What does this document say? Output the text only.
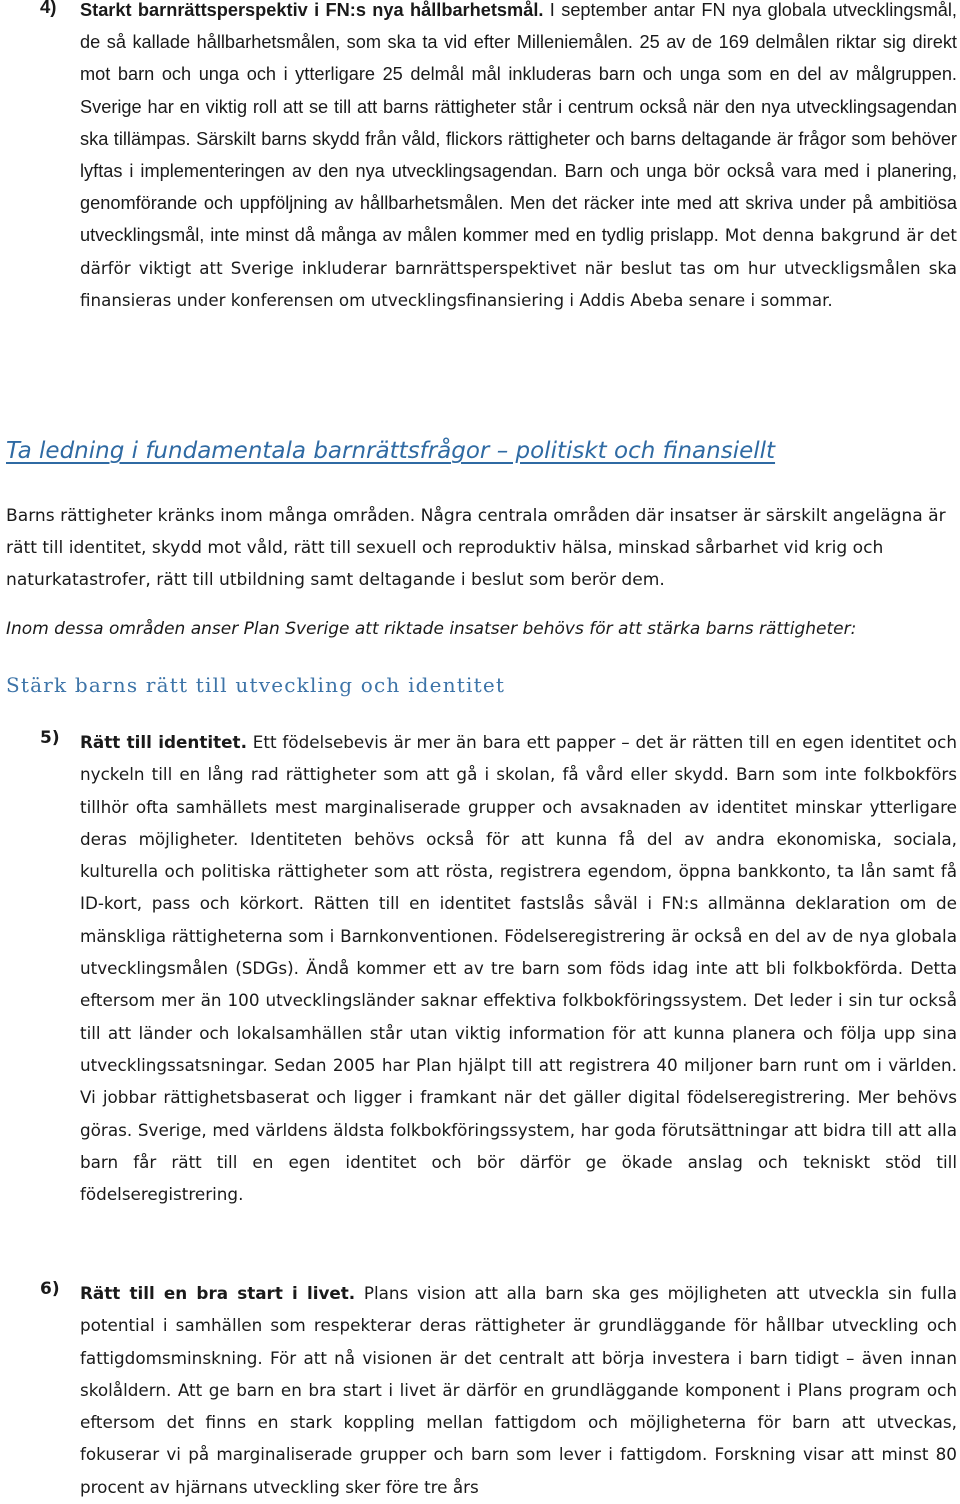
4) Starkt barnrättsperspektiv i FN:s nya hållbarhetsmål. I september antar FN nya globala utvecklingsmål, de så kallade hållbarhetsmålen, som ska ta vid efter Milleniemålen. 25 av de 169 delmålen riktar sig direkt mot barn och unga och i ytterligare 25 delmål mål inkluderas barn och unga som en del av målgruppen. Sverige har en viktig roll att se till att barns rättigheter står i centrum också när den nya utvecklingsagendan ska tillämpas. Särskilt barns skydd från våld, flickors rättigheter och barns deltagande är frågor som behöver lyftas i implementeringen av den nya utvecklingsagendan. Barn och unga bör också vara med i planering, genomförande och uppföljning av hållbarhetsmålen. Men det räcker inte med att skriva under på ambitiösa utvecklingsmål, inte minst då många av målen kommer med en tydlig prislapp. Mot denna bakgrund är det därför viktigt att Sverige inkluderar barnrättsperspektivet när beslut tas om hur utveckligsmålen ska finansieras under konferensen om utvecklingsfinansiering i Addis Abeba senare i sommar.

Ta ledning i fundamentala barnrättsfrågor – politiskt och finansiellt

Barns rättigheter kränks inom många områden. Några centrala områden där insatser är särskilt angelägna är rätt till identitet, skydd mot våld, rätt till sexuell och reproduktiv hälsa, minskad sårbarhet vid krig och naturkatastrofer, rätt till utbildning samt deltagande i beslut som berör dem.

Inom dessa områden anser Plan Sverige att riktade insatser behövs för att stärka barns rättigheter:

Stärk barns rätt till utveckling och identitet
5) Rätt till identitet. Ett födelsebevis är mer än bara ett papper – det är rätten till en egen identitet och nyckeln till en lång rad rättigheter som att gå i skolan, få vård eller skydd. Barn som inte folkbokförs tillhör ofta samhällets mest marginaliserade grupper och avsaknaden av identitet minskar ytterligare deras möjligheter. Identiteten behövs också för att kunna få del av andra ekonomiska, sociala, kulturella och politiska rättigheter som att rösta, registrera egendom, öppna bankkonto, ta lån samt få ID-kort, pass och körkort. Rätten till en identitet fastslås såväl i FN:s allmänna deklaration om de mänskliga rättigheterna som i Barnkonventionen. Födelseregistrering är också en del av de nya globala utvecklingsmålen (SDGs). Ändå kommer ett av tre barn som föds idag inte att bli folkbokförda. Detta eftersom mer än 100 utvecklingsländer saknar effektiva folkbokföringssystem. Det leder i sin tur också till att länder och lokalsamhällen står utan viktig information för att kunna planera och följa upp sina utvecklingssatsningar. Sedan 2005 har Plan hjälpt till att registrera 40 miljoner barn runt om i världen. Vi jobbar rättighetsbaserat och ligger i framkant när det gäller digital födelseregistrering. Mer behövs göras. Sverige, med världens äldsta folkbokföringssystem, har goda förutsättningar att bidra till att alla barn får rätt till en egen identitet och bör därför ge ökade anslag och tekniskt stöd till födelseregistrering.

6) Rätt till en bra start i livet. Plans vision att alla barn ska ges möjligheten att utveckla sin fulla potential i samhällen som respekterar deras rättigheter är grundläggande för hållbar utveckling och fattigdomsminskning. För att nå visionen är det centralt att börja investera i barn tidigt – även innan skolåldern. Att ge barn en bra start i livet är därför en grundläggande komponent i Plans program och eftersom det finns en stark koppling mellan fattigdom och möjligheterna för barn att utveckas, fokuserar vi på marginaliserade grupper och barn som lever i fattigdom. Forskning visar att minst 80 procent av hjärnans utveckling sker före tre års
